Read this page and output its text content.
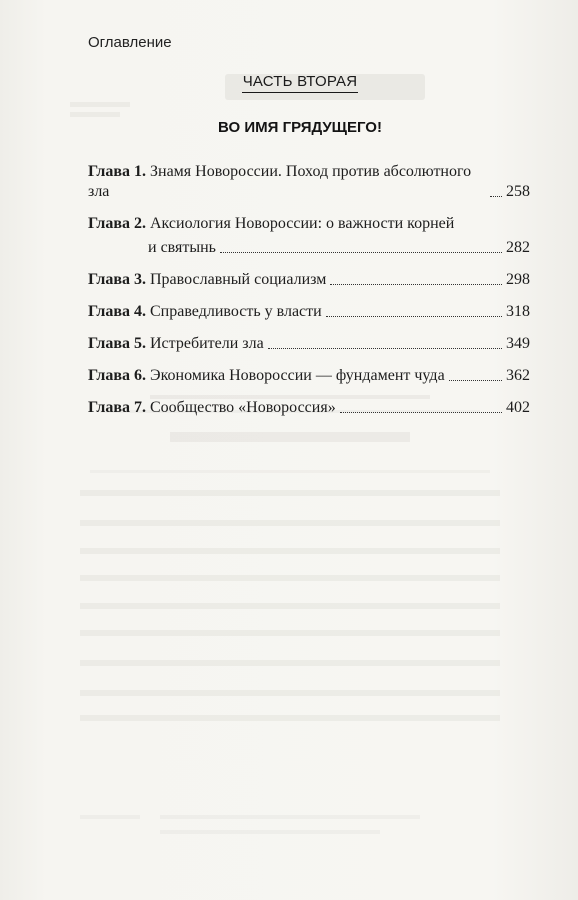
Оглавление
ЧАСТЬ ВТОРАЯ
ВО ИМЯ ГРЯДУЩЕГО!
Глава 1. Знамя Новороссии. Поход против абсолютного зла	258
Глава 2. Аксиология Новороссии: о важности корней
и святынь	282
Глава 3. Православный социализм	298
Глава 4. Справедливость у власти	318
Глава 5. Истребители зла	349
Глава 6. Экономика Новороссии — фундамент чуда	362
Глава 7. Сообщество «Новороссия»	402
